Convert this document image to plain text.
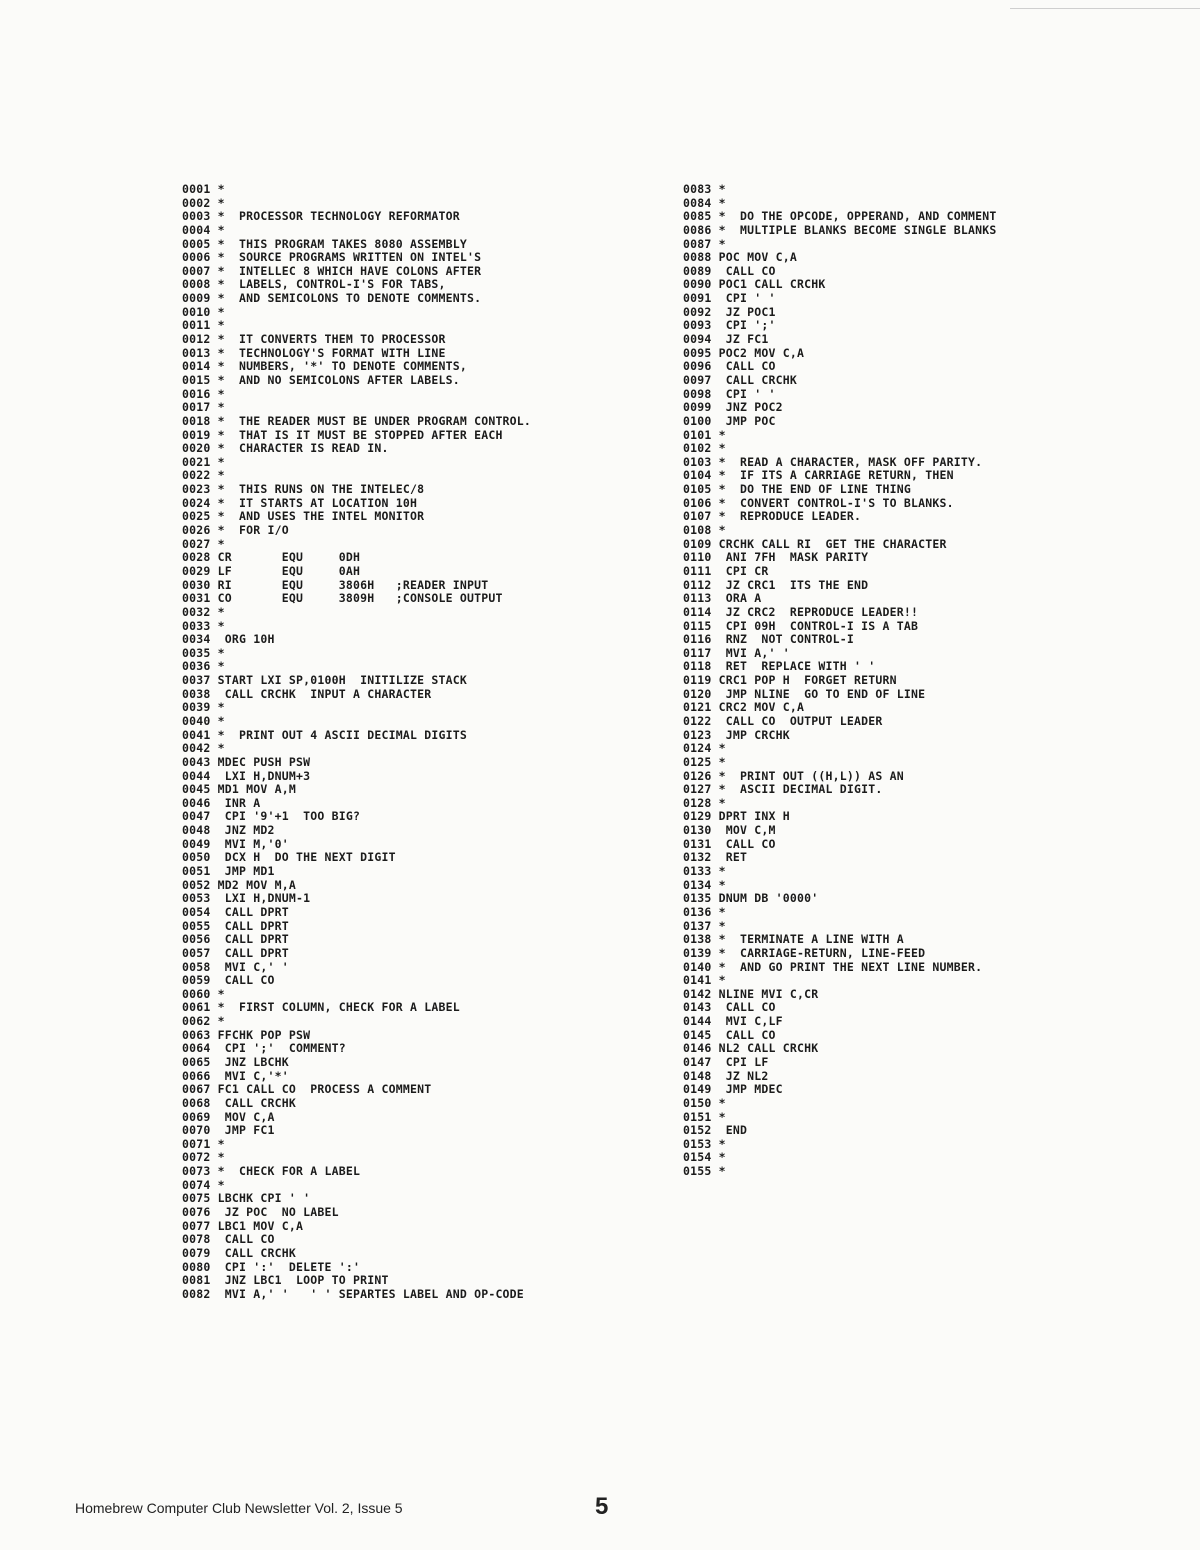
0001 *
0002 *
0003 *  PROCESSOR TECHNOLOGY REFORMATOR
0004 *
0005 *  THIS PROGRAM TAKES 8080 ASSEMBLY
0006 *  SOURCE PROGRAMS WRITTEN ON INTEL'S
0007 *  INTELLEC 8 WHICH HAVE COLONS AFTER
0008 *  LABELS, CONTROL-I'S FOR TABS,
0009 *  AND SEMICOLONS TO DENOTE COMMENTS.
0010 *
0011 *
0012 *  IT CONVERTS THEM TO PROCESSOR
0013 *  TECHNOLOGY'S FORMAT WITH LINE
0014 *  NUMBERS, '*' TO DENOTE COMMENTS,
0015 *  AND NO SEMICOLONS AFTER LABELS.
0016 *
0017 *
0018 *  THE READER MUST BE UNDER PROGRAM CONTROL.
0019 *  THAT IS IT MUST BE STOPPED AFTER EACH
0020 *  CHARACTER IS READ IN.
0021 *
0022 *
0023 *  THIS RUNS ON THE INTELEC/8
0024 *  IT STARTS AT LOCATION 10H
0025 *  AND USES THE INTEL MONITOR
0026 *  FOR I/O
0027 *
0028 CR       EQU     0DH
0029 LF       EQU     0AH
0030 RI       EQU     3806H   ;READER INPUT
0031 CO       EQU     3809H   ;CONSOLE OUTPUT
0032 *
0033 *
0034  ORG 10H
0035 *
0036 *
0037 START LXI SP,0100H  INITILIZE STACK
0038  CALL CRCHK  INPUT A CHARACTER
0039 *
0040 *
0041 *  PRINT OUT 4 ASCII DECIMAL DIGITS
0042 *
0043 MDEC PUSH PSW
0044  LXI H,DNUM+3
0045 MD1 MOV A,M
0046  INR A
0047  CPI '9'+1  TOO BIG?
0048  JNZ MD2
0049  MVI M,'0'
0050  DCX H  DO THE NEXT DIGIT
0051  JMP MD1
0052 MD2 MOV M,A
0053  LXI H,DNUM-1
0054  CALL DPRT
0055  CALL DPRT
0056  CALL DPRT
0057  CALL DPRT
0058  MVI C,' '
0059  CALL CO
0060 *
0061 *  FIRST COLUMN, CHECK FOR A LABEL
0062 *
0063 FFCHK POP PSW
0064  CPI ';'  COMMENT?
0065  JNZ LBCHK
0066  MVI C,'*'
0067 FC1 CALL CO  PROCESS A COMMENT
0068  CALL CRCHK
0069  MOV C,A
0070  JMP FC1
0071 *
0072 *
0073 *  CHECK FOR A LABEL
0074 *
0075 LBCHK CPI ' '
0076  JZ POC  NO LABEL
0077 LBC1 MOV C,A
0078  CALL CO
0079  CALL CRCHK
0080  CPI ':'  DELETE ':'
0081  JNZ LBC1  LOOP TO PRINT
0082  MVI A,' '   ' ' SEPARTES LABEL AND OP-CODE
0083 *
0084 *
0085 *  DO THE OPCODE, OPPERAND, AND COMMENT
0086 *  MULTIPLE BLANKS BECOME SINGLE BLANKS
0087 *
0088 POC MOV C,A
0089  CALL CO
0090 POC1 CALL CRCHK
0091  CPI ' '
0092  JZ POC1
0093  CPI ';'
0094  JZ FC1
0095 POC2 MOV C,A
0096  CALL CO
0097  CALL CRCHK
0098  CPI ' '
0099  JNZ POC2
0100  JMP POC
0101 *
0102 *
0103 *  READ A CHARACTER, MASK OFF PARITY.
0104 *  IF ITS A CARRIAGE RETURN, THEN
0105 *  DO THE END OF LINE THING
0106 *  CONVERT CONTROL-I'S TO BLANKS.
0107 *  REPRODUCE LEADER.
0108 *
0109 CRCHK CALL RI  GET THE CHARACTER
0110  ANI 7FH  MASK PARITY
0111  CPI CR
0112  JZ CRC1  ITS THE END
0113  ORA A
0114  JZ CRC2  REPRODUCE LEADER!!
0115  CPI 09H  CONTROL-I IS A TAB
0116  RNZ  NOT CONTROL-I
0117  MVI A,' '
0118  RET  REPLACE WITH ' '
0119 CRC1 POP H  FORGET RETURN
0120  JMP NLINE  GO TO END OF LINE
0121 CRC2 MOV C,A
0122  CALL CO  OUTPUT LEADER
0123  JMP CRCHK
0124 *
0125 *
0126 *  PRINT OUT ((H,L)) AS AN
0127 *  ASCII DECIMAL DIGIT.
0128 *
0129 DPRT INX H
0130  MOV C,M
0131  CALL CO
0132  RET
0133 *
0134 *
0135 DNUM DB '0000'
0136 *
0137 *
0138 *  TERMINATE A LINE WITH A
0139 *  CARRIAGE-RETURN, LINE-FEED
0140 *  AND GO PRINT THE NEXT LINE NUMBER.
0141 *
0142 NLINE MVI C,CR
0143  CALL CO
0144  MVI C,LF
0145  CALL CO
0146 NL2 CALL CRCHK
0147  CPI LF
0148  JZ NL2
0149  JMP MDEC
0150 *
0151 *
0152  END
0153 *
0154 *
0155 *
Homebrew Computer Club Newsletter Vol. 2, Issue 5	5
